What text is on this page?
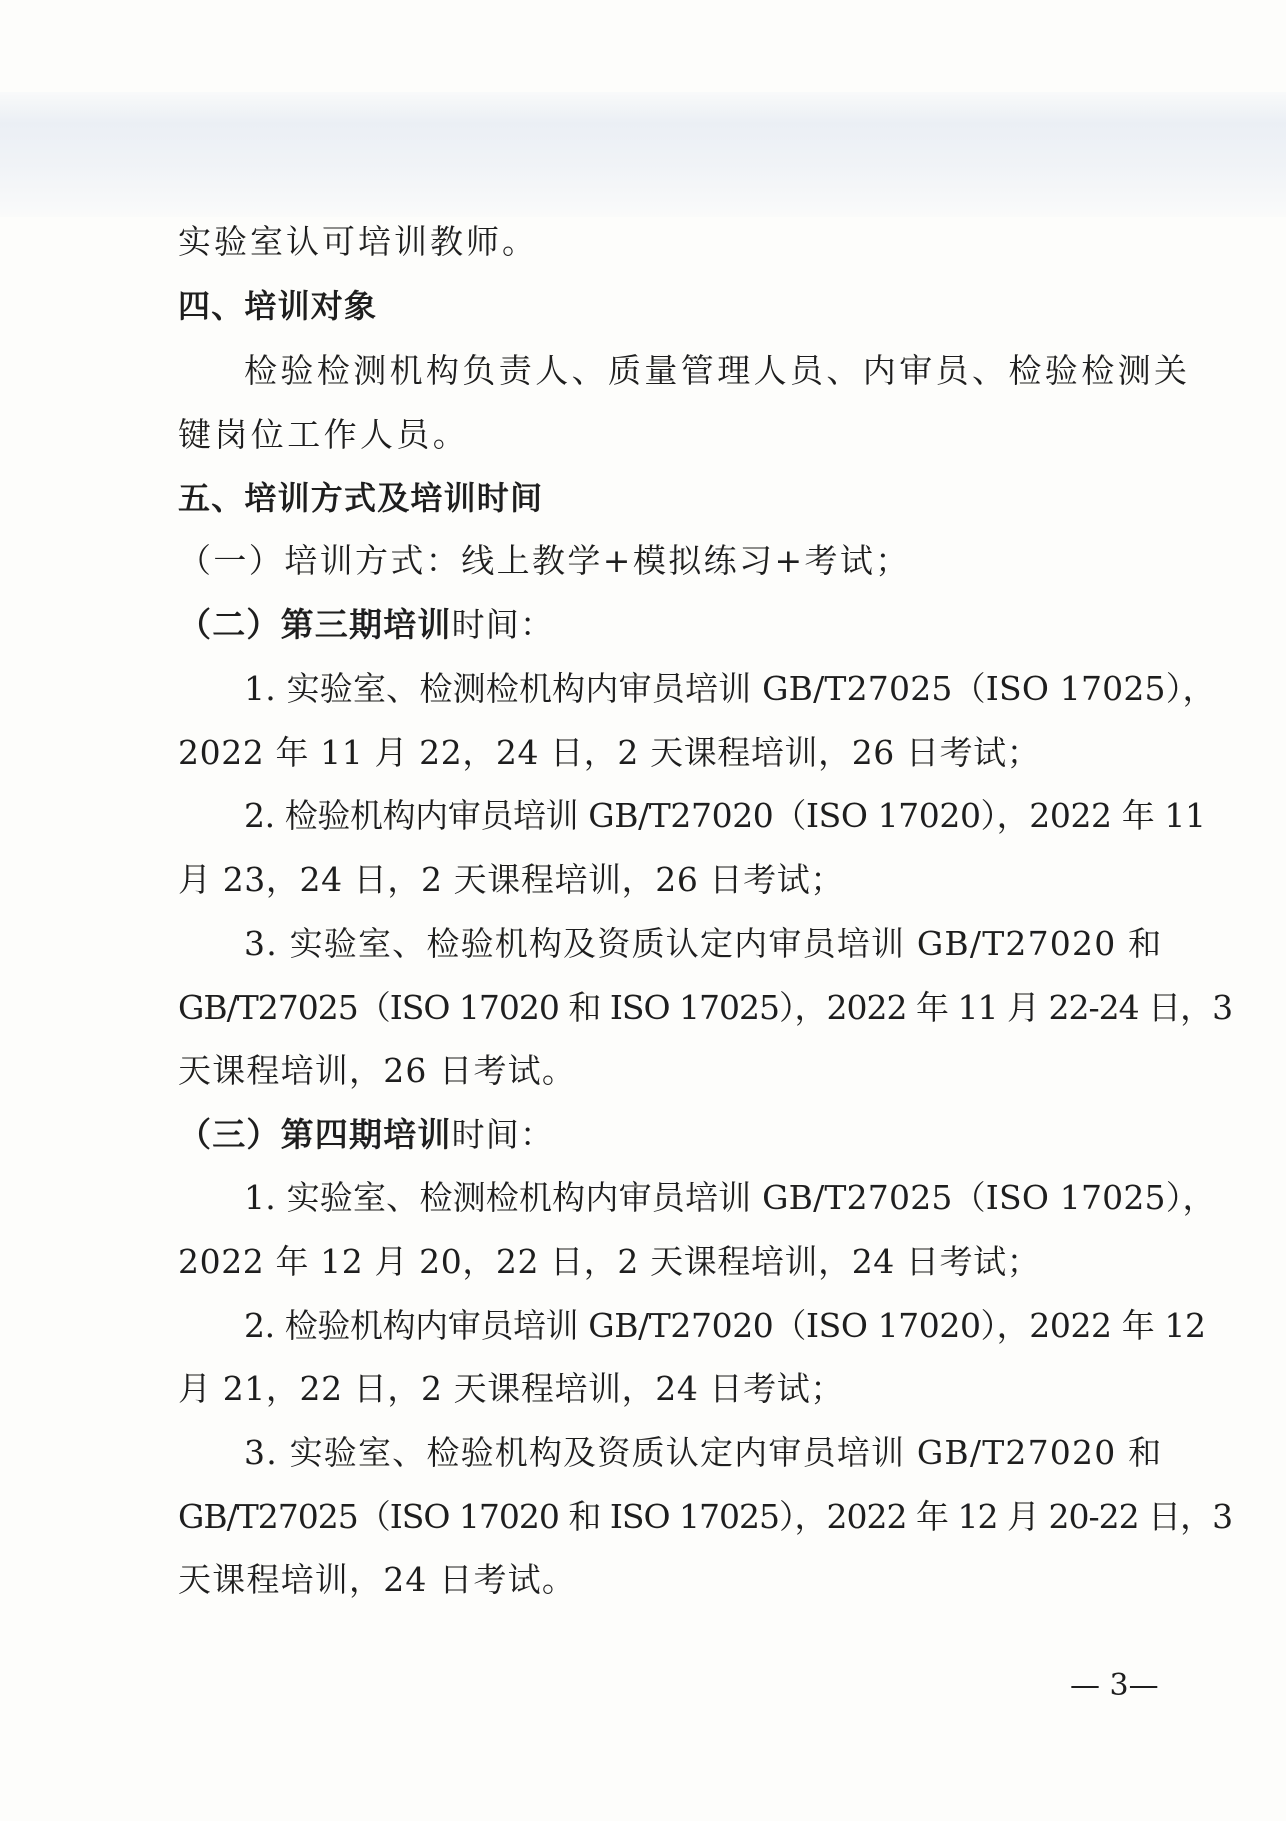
实验室认可培训教师。
四、培训对象
检验检测机构负责人、质量管理人员、内审员、检验检测关
键岗位工作人员。
五、培训方式及培训时间
（一）培训方式：线上教学+模拟练习+考试；
（二）第三期培训时间：
1. 实验室、检测检机构内审员培训 GB/T27025（ISO 17025），
2022 年 11 月 22，24 日，2 天课程培训，26 日考试；
2. 检验机构内审员培训 GB/T27020（ISO 17020），2022 年 11
月 23，24 日，2 天课程培训，26 日考试；
3. 实验室、检验机构及资质认定内审员培训 GB/T27020 和
GB/T27025（ISO 17020 和 ISO 17025），2022 年 11 月 22-24 日，3
天课程培训，26 日考试。
（三）第四期培训时间：
1. 实验室、检测检机构内审员培训 GB/T27025（ISO 17025），
2022 年 12 月 20，22 日，2 天课程培训，24 日考试；
2. 检验机构内审员培训 GB/T27020（ISO 17020），2022 年 12
月 21，22 日，2 天课程培训，24 日考试；
3. 实验室、检验机构及资质认定内审员培训 GB/T27020 和
GB/T27025（ISO 17020 和 ISO 17025），2022 年 12 月 20-22 日，3
天课程培训，24 日考试。
— 3—
